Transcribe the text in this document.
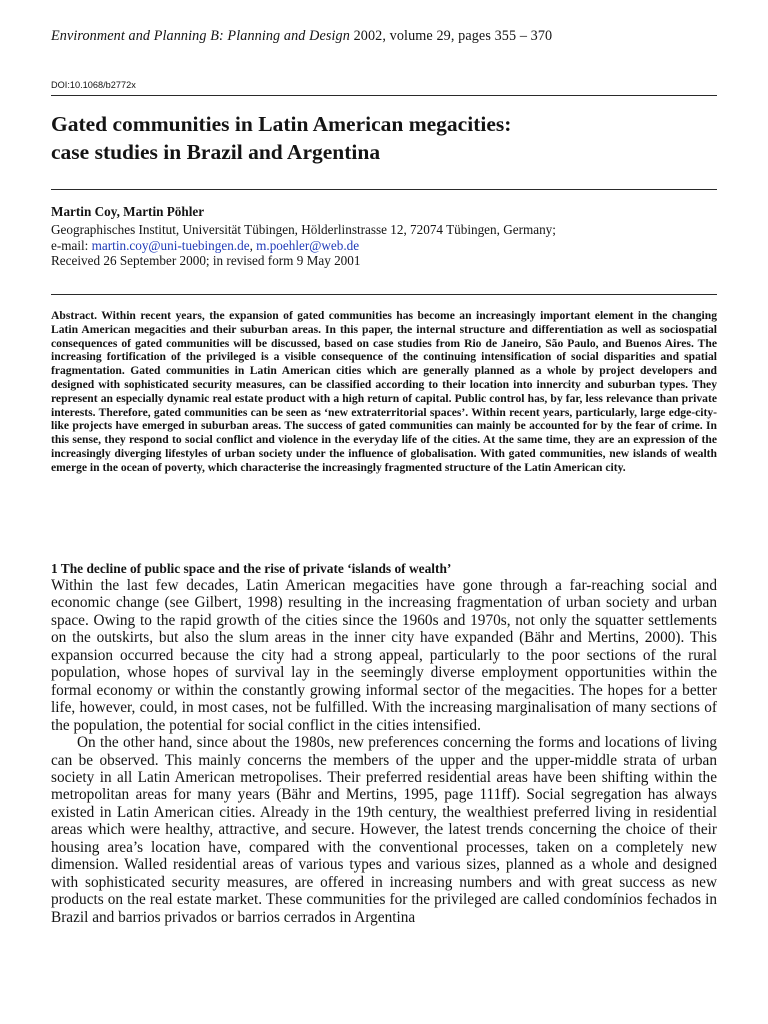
Environment and Planning B: Planning and Design 2002, volume 29, pages 355 – 370
DOI:10.1068/b2772x
Gated communities in Latin American megacities:
case studies in Brazil and Argentina
Martin Coy, Martin Pöhler
Geographisches Institut, Universität Tübingen, Hölderlinstrasse 12, 72074 Tübingen, Germany;
e-mail: martin.coy@uni-tuebingen.de, m.poehler@web.de
Received 26 September 2000; in revised form 9 May 2001
Abstract. Within recent years, the expansion of gated communities has become an increasingly important element in the changing Latin American megacities and their suburban areas. In this paper, the internal structure and differentiation as well as sociospatial consequences of gated communities will be discussed, based on case studies from Rio de Janeiro, São Paulo, and Buenos Aires. The increasing fortification of the privileged is a visible consequence of the continuing intensification of social disparities and spatial fragmentation. Gated communities in Latin American cities which are generally planned as a whole by project developers and designed with sophisticated security measures, can be classified according to their location into innercity and suburban types. They represent an especially dynamic real estate product with a high return of capital. Public control has, by far, less relevance than private interests. Therefore, gated communities can be seen as ‘new extraterritorial spaces’. Within recent years, particularly, large edge-city-like projects have emerged in suburban areas. The success of gated communities can mainly be accounted for by the fear of crime. In this sense, they respond to social conflict and violence in the everyday life of the cities. At the same time, they are an expression of the increasingly diverging lifestyles of urban society under the influence of globalisation. With gated communities, new islands of wealth emerge in the ocean of poverty, which characterise the increasingly fragmented structure of the Latin American city.
1 The decline of public space and the rise of private ‘islands of wealth’

Within the last few decades, Latin American megacities have gone through a far-reaching social and economic change (see Gilbert, 1998) resulting in the increasing fragmentation of urban society and urban space. Owing to the rapid growth of the cities since the 1960s and 1970s, not only the squatter settlements on the outskirts, but also the slum areas in the inner city have expanded (Bähr and Mertins, 2000). This expansion occurred because the city had a strong appeal, particularly to the poor sections of the rural population, whose hopes of survival lay in the seemingly diverse employment opportunities within the formal economy or within the constantly growing informal sector of the megacities. The hopes for a better life, however, could, in most cases, not be fulfilled. With the increasing marginalisation of many sections of the population, the potential for social conflict in the cities intensified.

On the other hand, since about the 1980s, new preferences concerning the forms and locations of living can be observed. This mainly concerns the members of the upper and the upper-middle strata of urban society in all Latin American metropolises. Their preferred residential areas have been shifting within the metropolitan areas for many years (Bähr and Mertins, 1995, page 111ff). Social segregation has always existed in Latin American cities. Already in the 19th century, the wealthiest preferred living in residential areas which were healthy, attractive, and secure. However, the latest trends concerning the choice of their housing area’s location have, compared with the conventional processes, taken on a completely new dimension. Walled residential areas of various types and various sizes, planned as a whole and designed with sophisticated security measures, are offered in increasing numbers and with great success as new products on the real estate market. These communities for the privileged are called condomínios fechados in Brazil and barrios privados or barrios cerrados in Argentina
